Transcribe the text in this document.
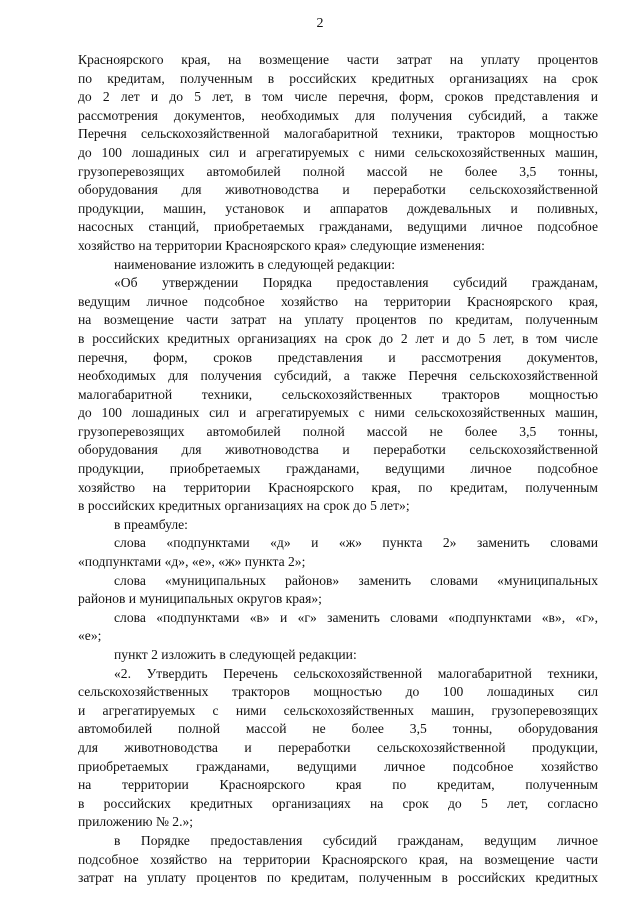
2
Красноярского края, на возмещение части затрат на уплату процентов
по кредитам, полученным в российских кредитных организациях на срок
до 2 лет и до 5 лет, в том числе перечня, форм, сроков представления и
рассмотрения документов, необходимых для получения субсидий, а также
Перечня сельскохозяйственной малогабаритной техники, тракторов мощностью
до 100 лошадиных сил и агрегатируемых с ними сельскохозяйственных машин,
грузоперевозящих автомобилей полной массой не более 3,5 тонны,
оборудования для животноводства и переработки сельскохозяйственной
продукции, машин, установок и аппаратов дождевальных и поливных,
насосных станций, приобретаемых гражданами, ведущими личное подсобное
хозяйство на территории Красноярского края» следующие изменения:
наименование изложить в следующей редакции:
«Об утверждении Порядка предоставления субсидий гражданам,
ведущим личное подсобное хозяйство на территории Красноярского края,
на возмещение части затрат на уплату процентов по кредитам, полученным
в российских кредитных организациях на срок до 2 лет и до 5 лет, в том числе
перечня, форм, сроков представления и рассмотрения документов,
необходимых для получения субсидий, а также Перечня сельскохозяйственной
малогабаритной техники, сельскохозяйственных тракторов мощностью
до 100 лошадиных сил и агрегатируемых с ними сельскохозяйственных машин,
грузоперевозящих автомобилей полной массой не более 3,5 тонны,
оборудования для животноводства и переработки сельскохозяйственной
продукции, приобретаемых гражданами, ведущими личное подсобное
хозяйство на территории Красноярского края, по кредитам, полученным
в российских кредитных организациях на срок до 5 лет»;
в преамбуле:
слова «подпунктами «д» и «ж» пункта 2» заменить словами
«подпунктами «д», «е», «ж» пункта 2»;
слова «муниципальных районов» заменить словами «муниципальных
районов и муниципальных округов края»;
слова «подпунктами «в» и «г» заменить словами «подпунктами «в», «г»,
«е»;
пункт 2 изложить в следующей редакции:
«2. Утвердить Перечень сельскохозяйственной малогабаритной техники,
сельскохозяйственных тракторов мощностью до 100 лошадиных сил
и агрегатируемых с ними сельскохозяйственных машин, грузоперевозящих
автомобилей полной массой не более 3,5 тонны, оборудования
для животноводства и переработки сельскохозяйственной продукции,
приобретаемых гражданами, ведущими личное подсобное хозяйство
на территории Красноярского края по кредитам, полученным
в российских кредитных организациях на срок до 5 лет, согласно
приложению № 2.»;
в Порядке предоставления субсидий гражданам, ведущим личное
подсобное хозяйство на территории Красноярского края, на возмещение части
затрат на уплату процентов по кредитам, полученным в российских кредитных
